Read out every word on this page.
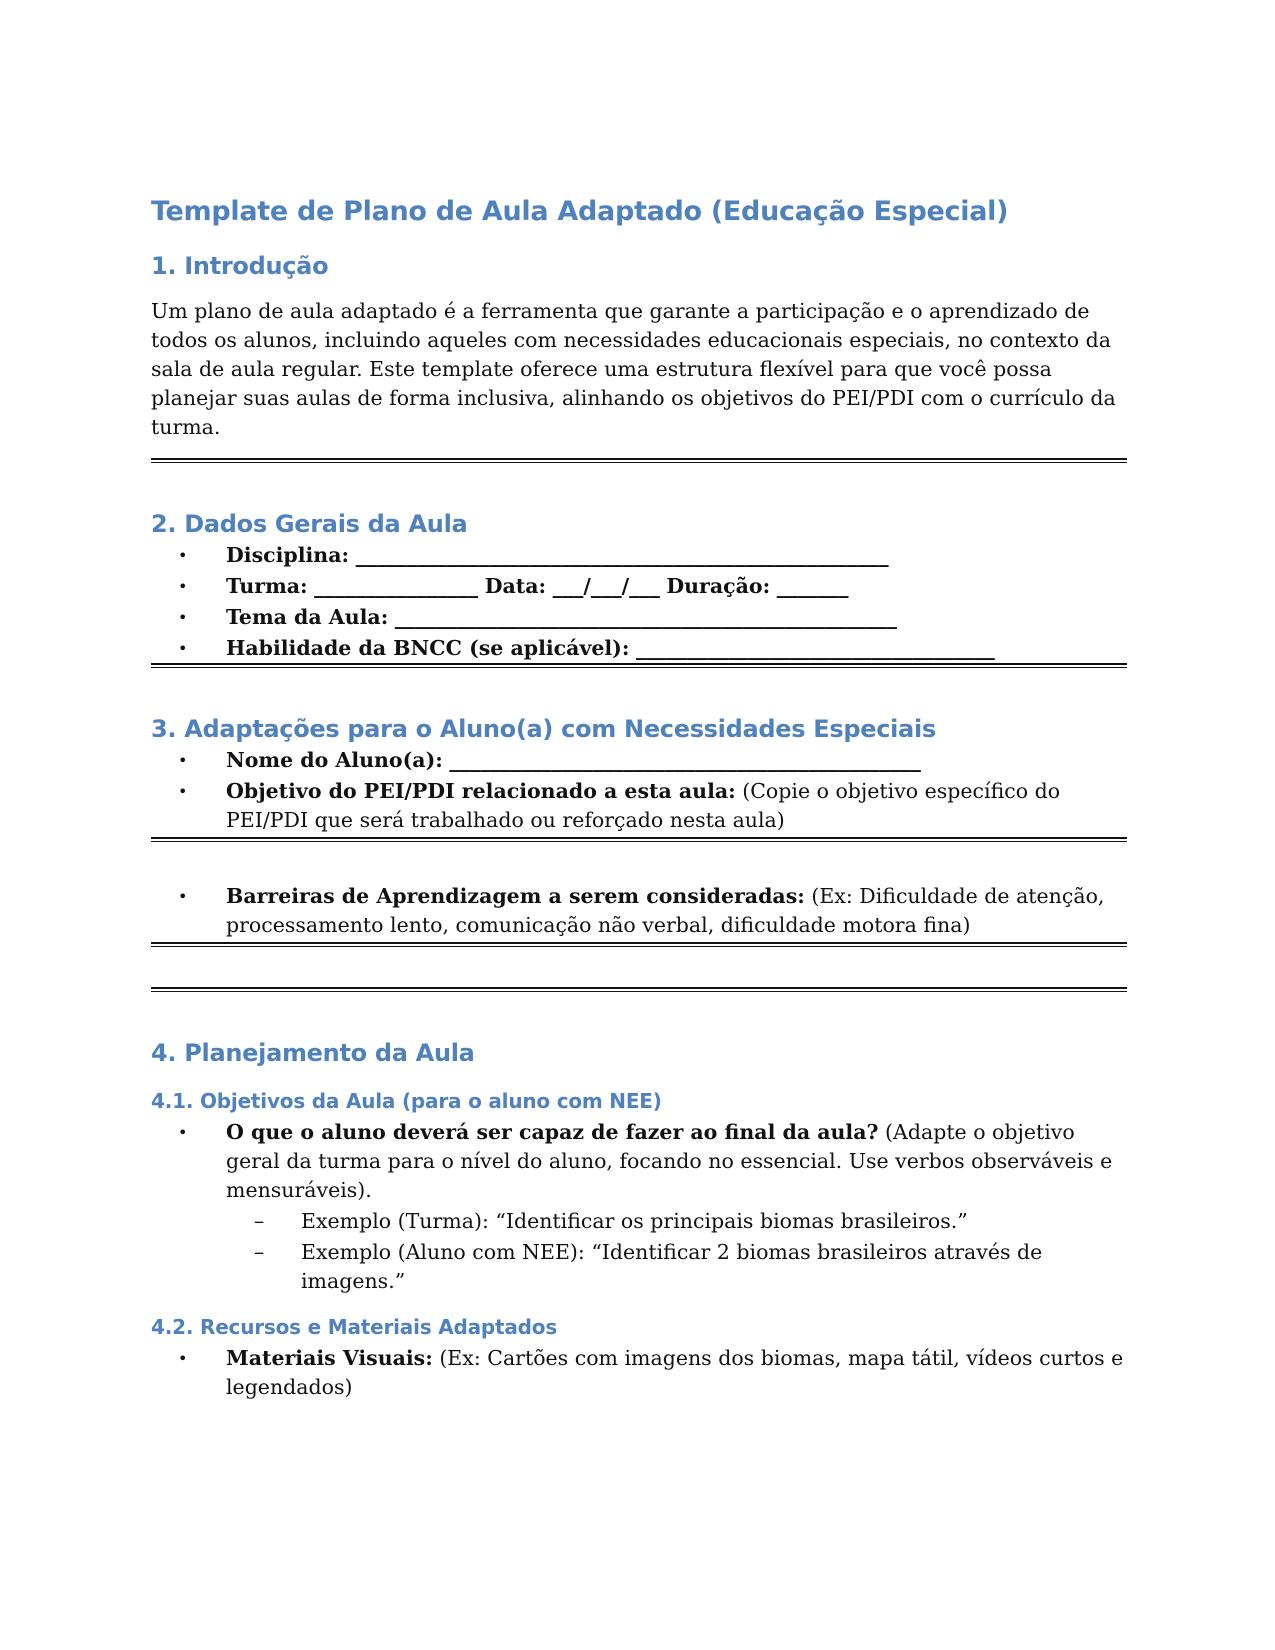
Template de Plano de Aula Adaptado (Educação Especial)
1. Introdução

Um plano de aula adaptado é a ferramenta que garante a participação e o aprendizado de todos os alunos, incluindo aqueles com necessidades educacionais especiais, no contexto da sala de aula regular. Este template oferece uma estrutura flexível para que você possa planejar suas aulas de forma inclusiva, alinhando os objetivos do PEI/PDI com o currículo da turma.

2. Dados Gerais da Aula
• Disciplina: ____________________________________________________
• Turma: ________________ Data: ___/___/___ Duração: _______
• Tema da Aula: _________________________________________________
• Habilidade da BNCC (se aplicável): ___________________________________
3. Adaptações para o Aluno(a) com Necessidades Especiais
• Nome do Aluno(a): ______________________________________________
• Objetivo do PEI/PDI relacionado a esta aula: (Copie o objetivo específico do PEI/PDI que será trabalhado ou reforçado nesta aula)
• Barreiras de Aprendizagem a serem consideradas: (Ex: Dificuldade de atenção, processamento lento, comunicação não verbal, dificuldade motora fina)
4. Planejamento da Aula
4.1. Objetivos da Aula (para o aluno com NEE)
• O que o aluno deverá ser capaz de fazer ao final da aula? (Adapte o objetivo geral da turma para o nível do aluno, focando no essencial. Use verbos observáveis e mensuráveis).
– Exemplo (Turma): “Identificar os principais biomas brasileiros.”
– Exemplo (Aluno com NEE): “Identificar 2 biomas brasileiros através de imagens.”
4.2. Recursos e Materiais Adaptados
• Materiais Visuais: (Ex: Cartões com imagens dos biomas, mapa tátil, vídeos curtos e legendados)
